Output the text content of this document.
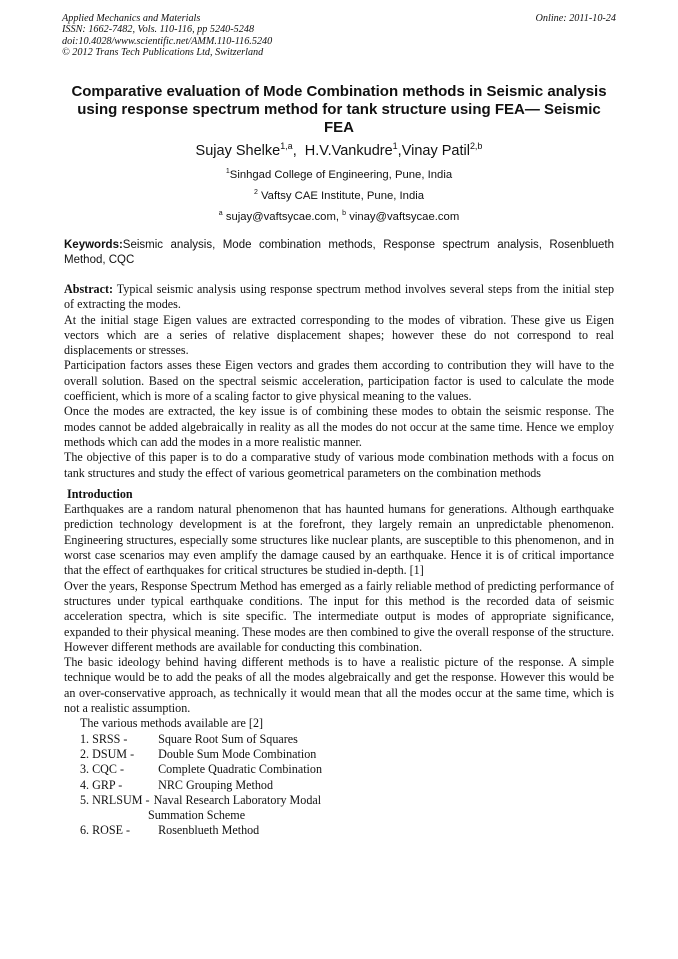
Applied Mechanics and Materials
ISSN: 1662-7482, Vols. 110-116, pp 5240-5248
doi:10.4028/www.scientific.net/AMM.110-116.5240
© 2012 Trans Tech Publications Ltd, Switzerland
Online: 2011-10-24
Comparative evaluation of Mode Combination methods in Seismic analysis using response spectrum method for tank structure using FEA— Seismic FEA
Sujay Shelke$^{1,a}$,  H.V.Vankudre$^1$,Vinay Patil$^{2,b}$
$^1$Sinhgad College of Engineering, Pune, India
$^2$ Vaftsy CAE Institute, Pune, India
$^a$ sujay@vaftsycae.com, $^b$ vinay@vaftsycae.com
Keywords:Seismic analysis, Mode combination methods, Response spectrum analysis, Rosenblueth Method, CQC

Abstract: Typical seismic analysis using response spectrum method involves several steps from the initial step of extracting the modes.

At the initial stage Eigen values are extracted corresponding to the modes of vibration. These give us Eigen vectors which are a series of relative displacement shapes; however these do not correspond to real displacements or stresses.

Participation factors asses these Eigen vectors and grades them according to contribution they will have to the overall solution. Based on the spectral seismic acceleration, participation factor is used to calculate the mode coefficient, which is more of a scaling factor to give physical meaning to the values.

Once the modes are extracted, the key issue is of combining these modes to obtain the seismic response. The modes cannot be added algebraically in reality as all the modes do not occur at the same time. Hence we employ methods which can add the modes in a more realistic manner.

The objective of this paper is to do a comparative study of various mode combination methods with a focus on tank structures and study the effect of various geometrical parameters on the combination methods

Introduction

Earthquakes are a random natural phenomenon that has haunted humans for generations. Although earthquake prediction technology development is at the forefront, they largely remain an unpredictable phenomenon. Engineering structures, especially some structures like nuclear plants, are susceptible to this phenomenon, and in worst case scenarios may even amplify the damage caused by an earthquake. Hence it is of critical importance that the effect of earthquakes for critical structures be studied in-depth. [1]

Over the years, Response Spectrum Method has emerged as a fairly reliable method of predicting performance of structures under typical earthquake conditions. The input for this method is the recorded data of seismic acceleration spectra, which is site specific. The intermediate output is modes of appropriate significance, expanded to their physical meaning. These modes are then combined to give the overall response of the structure. However different methods are available for conducting this combination.

The basic ideology behind having different methods is to have a realistic picture of the response. A simple technique would be to add the peaks of all the modes algebraically and get the response. However this would be an over-conservative approach, as technically it would mean that all the modes occur at the same time, which is not a realistic assumption.

The various methods available are [2]

1. SRSS -	Square Root Sum of Squares
2. DSUM - Double Sum Mode Combination
3. CQC -	Complete Quadratic Combination
4. GRP -	NRC Grouping Method
5. NRLSUM - Naval Research Laboratory Modal
Summation Scheme
6. ROSE - Rosenblueth Method
